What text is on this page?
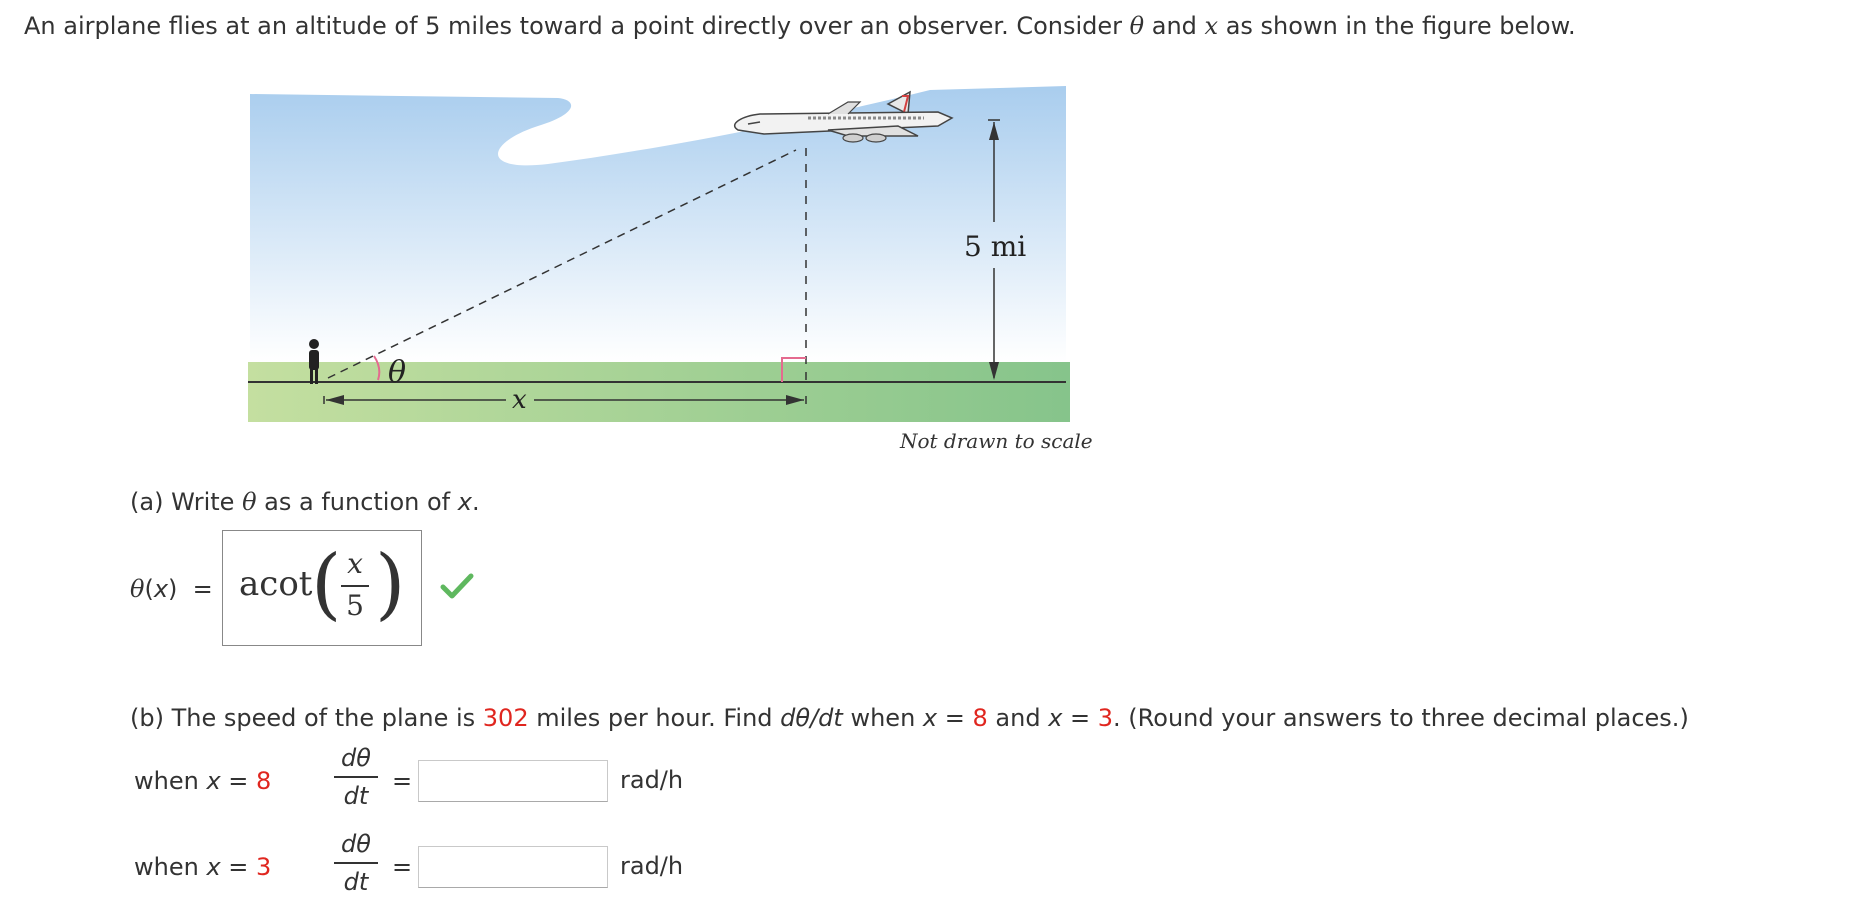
An airplane flies at an altitude of 5 miles toward a point directly over an observer. Consider θ and x as shown in the figure below.
θ
x
5 mi
Not drawn to scale
(a) Write θ as a function of x.
θ(x) = acot
( x
5 )
(b) The speed of the plane is 302 miles per hour. Find dθ/dt when x = 8 and x = 3. (Round your answers to three decimal places.)
when x = 8
dθ
dt
=	rad/h
when x = 3
dθ
dt
=	rad/h
